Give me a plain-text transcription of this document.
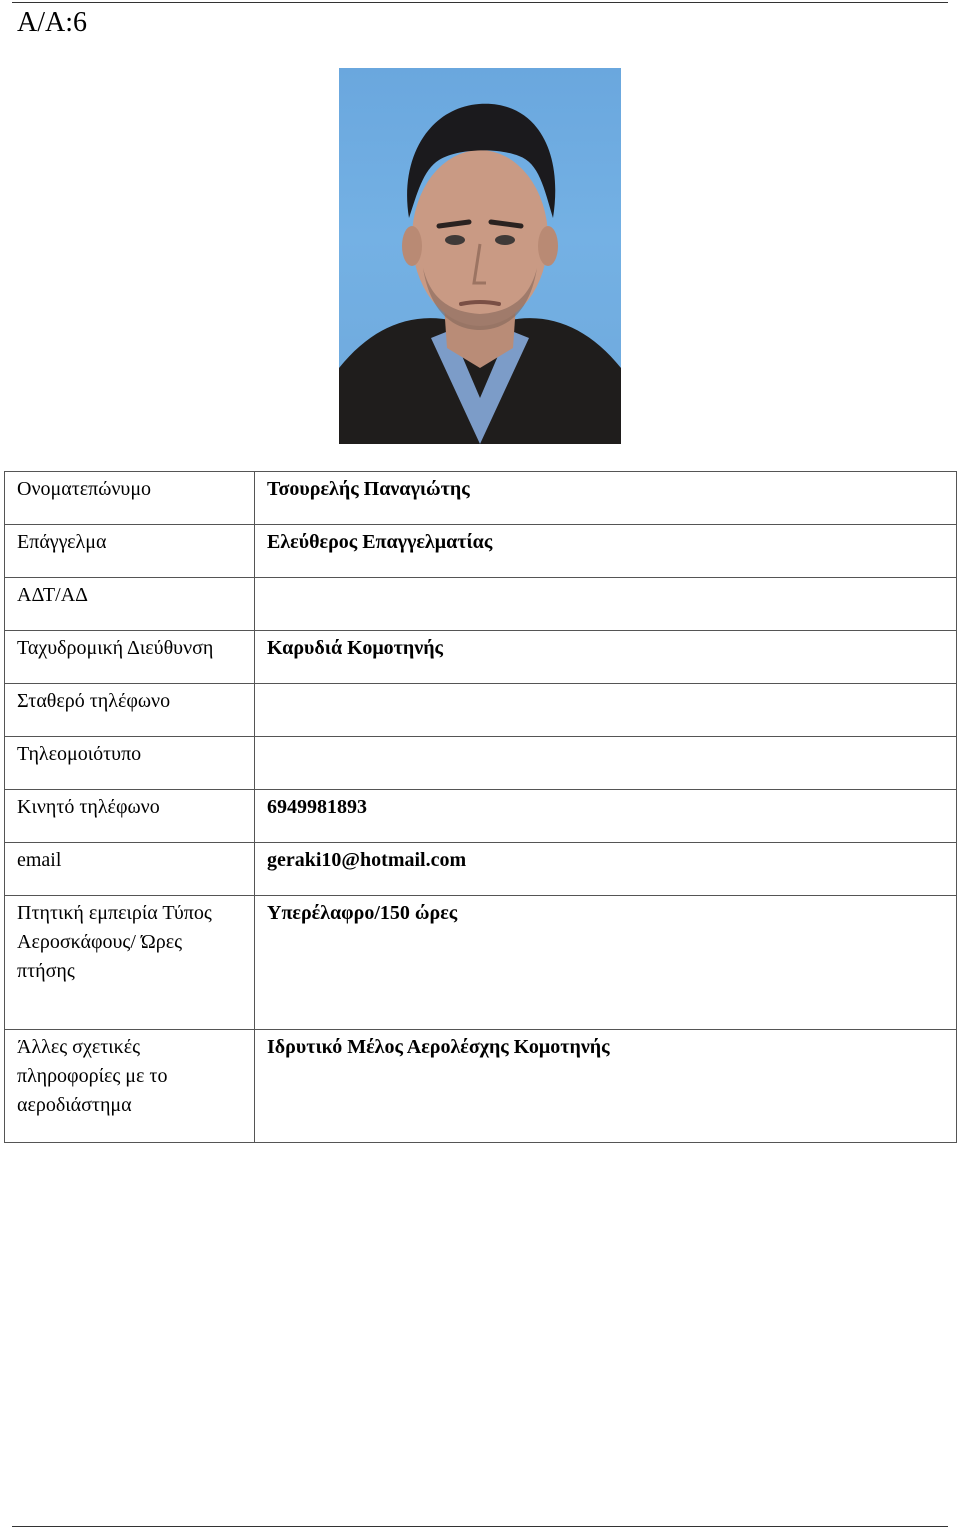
Α/Α:6
Ονοματεπώνυμο	Τσουρελής Παναγιώτης
Επάγγελμα	Ελεύθερος Επαγγελματίας
ΑΔΤ/ΑΔ	
Ταχυδρομική Διεύθυνση	Καρυδιά Κομοτηνής
Σταθερό τηλέφωνο	
Τηλεομοιότυπο	
Κινητό τηλέφωνο	6949981893
email	geraki10@hotmail.com
Πτητική εμπειρία Τύπος Αεροσκάφους/ Ώρες πτήσης	Υπερέλαφρο/150 ώρες
Άλλες σχετικές πληροφορίες με το αεροδιάστημα	Ιδρυτικό Μέλος Αερολέσχης Κομοτηνής
